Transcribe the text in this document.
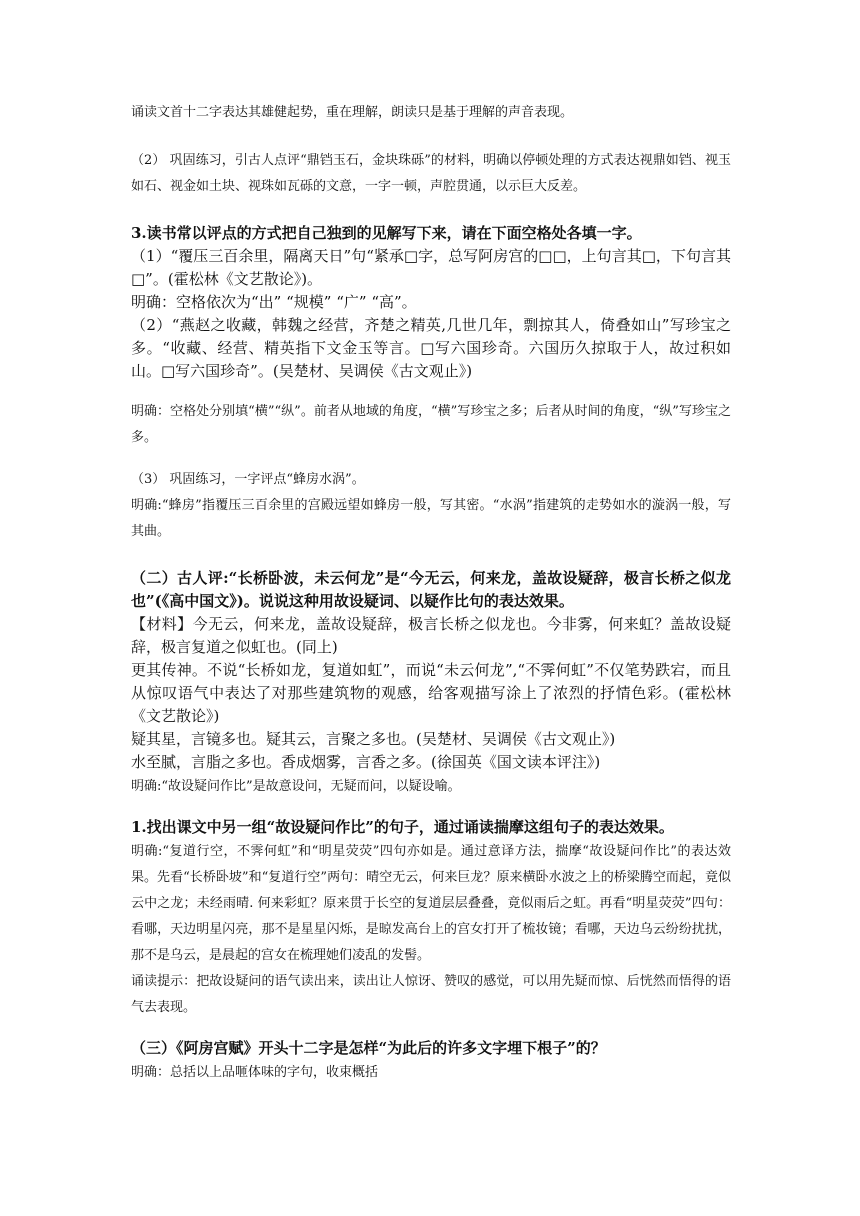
诵读文首十二字表达其雄健起势，重在理解，朗读只是基于理解的声音表现。

（2） 巩固练习，引古人点评“鼎铛玉石，金块珠砾”的材料，明确以停顿处理的方式表达视鼎如铛、视玉如石、视金如土块、视珠如瓦砾的文意，一字一顿，声腔贯通，以示巨大反差。

3.读书常以评点的方式把自己独到的见解写下来，请在下面空格处各填一字。

（1）“覆压三百余里，隔离天日”句“紧承□字，总写阿房宫的□□，上句言其□，下句言其□”。(霍松林《文艺散论》)。

明确：空格依次为“出” “规模” “广” “高”。

（2）“燕赵之收藏，韩魏之经营，齐楚之精英,几世几年，剽掠其人，倚叠如山”写珍宝之多。“收藏、经营、精英指下文金玉等言。□写六国珍奇。六国历久掠取于人，故过积如山。□写六国珍奇”。(吴楚材、吴调侯《古文观止》)

明确：空格处分别填“横”“纵”。前者从地域的角度，“横”写珍宝之多；后者从时间的角度，“纵”写珍宝之多。

（3） 巩固练习，一字评点“蜂房水涡”。

明确:“蜂房”指覆压三百余里的宫殿远望如蜂房一般，写其密。“水涡”指建筑的走势如水的漩涡一般，写其曲。

（二）古人评:“长桥卧波，未云何龙”是“今无云，何来龙，盖故设疑辞，极言长桥之似龙也”(《高中国文》)。说说这种用故设疑词、以疑作比句的表达效果。

【材料】今无云，何来龙，盖故设疑辞，极言长桥之似龙也。今非雾，何来虹？盖故设疑辞，极言复道之似虹也。(同上)

更其传神。不说“长桥如龙，复道如虹”，而说“未云何龙”,“不霁何虹”不仅笔势跌宕，而且从惊叹语气中表达了对那些建筑物的观感，给客观描写涂上了浓烈的抒情色彩。(霍松林《文艺散论》)

疑其星，言镜多也。疑其云，言聚之多也。(吴楚材、吴调侯《古文观止》)

水至腻，言脂之多也。香成烟雾，言香之多。(徐国英《国文读本评注》)

明确:“故设疑问作比”是故意设问，无疑而问，以疑设喻。

1.找出课文中另一组“故设疑问作比”的句子，通过诵读揣摩这组句子的表达效果。

明确:“复道行空，不霁何虹”和“明星荧荧”四句亦如是。通过意译方法，揣摩“故设疑问作比”的表达效果。先看“长桥卧坡”和“复道行空”两句：晴空无云，何来巨龙？原来横卧水波之上的桥梁腾空而起，竟似云中之龙；未经雨晴. 何来彩虹？原来贯于长空的复道层层叠叠，竟似雨后之虹。再看“明星荧荧”四句：看哪，天边明星闪亮，那不是星星闪烁，是晾发高台上的宫女打开了梳妆镜；看哪，天边乌云纷纷扰扰，那不是乌云，是晨起的宫女在梳理她们凌乱的发髻。

诵读提示：把故设疑问的语气读出来，读出让人惊讶、赞叹的感觉，可以用先疑而惊、后恍然而悟得的语气去表现。

（三）《阿房宫赋》开头十二字是怎样“为此后的许多文字埋下根子”的？

明确：总括以上品咂体味的字句，收束概括
